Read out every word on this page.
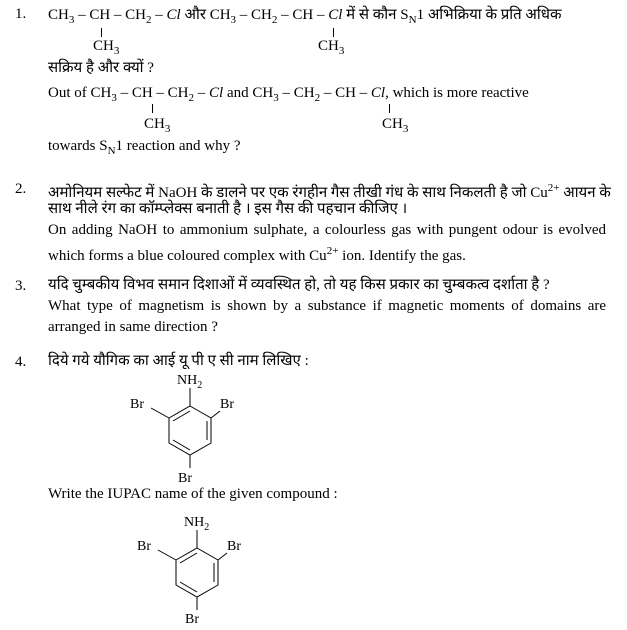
1. $CH_3$ – CH – $CH_2$ – Cl और $CH_3 - CH_2$ – CH – Cl में से कौन $S_N1$ अभिक्रिया के प्रति अधिक
$CH_3$	$CH_3$
सक्रिय है और क्यों ?
Out of $CH_3$ – CH – $CH_2$ – Cl and $CH_3 - CH_2$ – CH – Cl, which is more reactive
$CH_3$	$CH_3$
towards $S_N1$ reaction and why ?
2. अमोनियम सल्फेट में NaOH के डालने पर एक रंगहीन गैस तीखी गंध के साथ निकलती है जो $Cu^{2+}$ आयन के
साथ नीले रंग का कॉम्प्लेक्स बनाती है । इस गैस की पहचान कीजिए ।
On adding NaOH to ammonium sulphate, a colourless gas with pungent odour is evolved which forms a blue coloured complex with $Cu^{2+}$ ion. Identify the gas.
3. यदि चुम्बकीय विभव समान दिशाओं में व्यवस्थित हो, तो यह किस प्रकार का चुम्बकत्व दर्शाता है ?
What type of magnetism is shown by a substance if magnetic moments of domains are arranged in same direction ?
4. दिये गये यौगिक का आई यू पी ए सी नाम लिखिए :
$NH_2$
Br	Br
Br
Write the IUPAC name of the given compound :
$NH_2$
Br	Br
Br
